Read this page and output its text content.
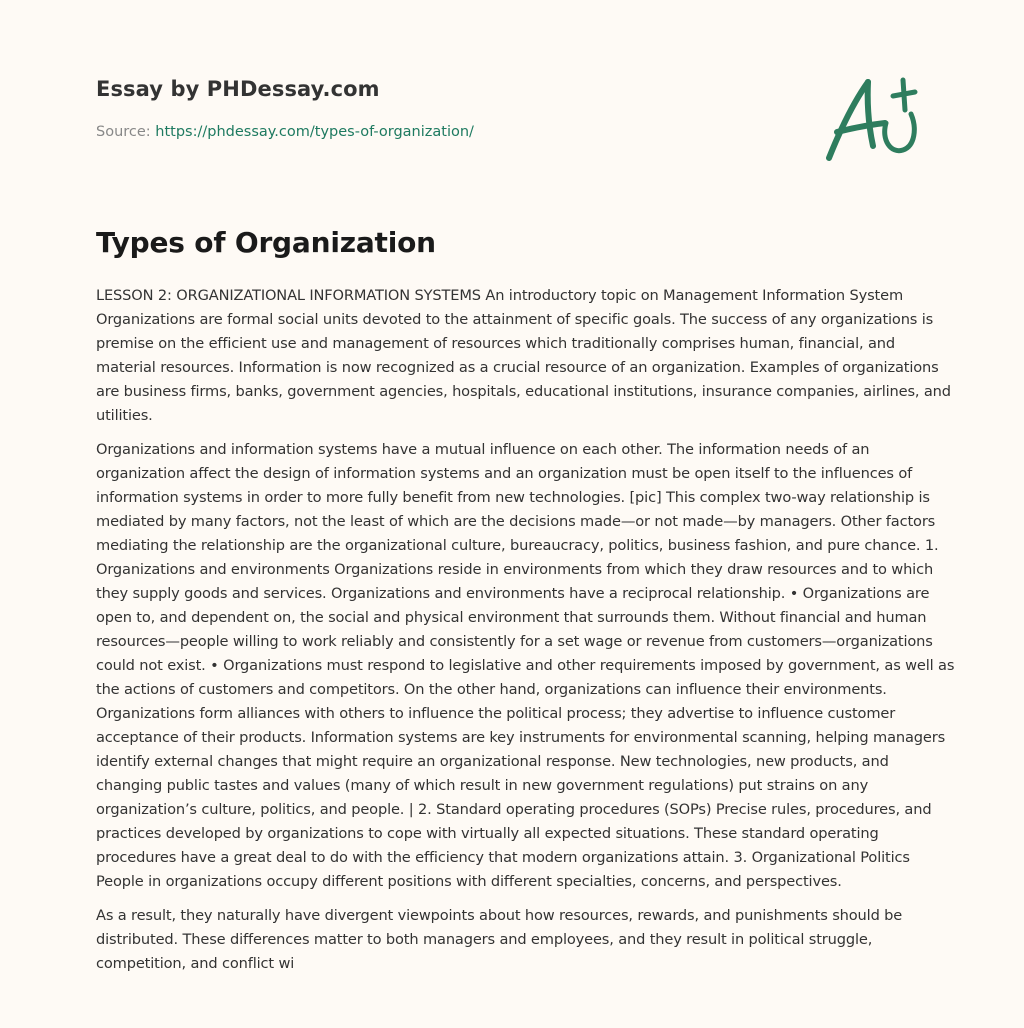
Essay by PHDessay.com
Source: https://phdessay.com/types-of-organization/
Types of Organization

LESSON 2: ORGANIZATIONAL INFORMATION SYSTEMS An introductory topic on Management Information System Organizations are formal social units devoted to the attainment of specific goals. The success of any organizations is premise on the efficient use and management of resources which traditionally comprises human, financial, and material resources. Information is now recognized as a crucial resource of an organization. Examples of organizations are business firms, banks, government agencies, hospitals, educational institutions, insurance companies, airlines, and utilities.

Organizations and information systems have a mutual influence on each other. The information needs of an organization affect the design of information systems and an organization must be open itself to the influences of information systems in order to more fully benefit from new technologies. [pic] This complex two-way relationship is mediated by many factors, not the least of which are the decisions made—or not made—by managers. Other factors mediating the relationship are the organizational culture, bureaucracy, politics, business fashion, and pure chance. 1. Organizations and environments Organizations reside in environments from which they draw resources and to which they supply goods and services. Organizations and environments have a reciprocal relationship. • Organizations are open to, and dependent on, the social and physical environment that surrounds them. Without financial and human resources—people willing to work reliably and consistently for a set wage or revenue from customers—organizations could not exist. • Organizations must respond to legislative and other requirements imposed by government, as well as the actions of customers and competitors. On the other hand, organizations can influence their environments. Organizations form alliances with others to influence the political process; they advertise to influence customer acceptance of their products. Information systems are key instruments for environmental scanning, helping managers identify external changes that might require an organizational response. New technologies, new products, and changing public tastes and values (many of which result in new government regulations) put strains on any organization’s culture, politics, and people. | 2. Standard operating procedures (SOPs) Precise rules, procedures, and practices developed by organizations to cope with virtually all expected situations. These standard operating procedures have a great deal to do with the efficiency that modern organizations attain. 3. Organizational Politics People in organizations occupy different positions with different specialties, concerns, and perspectives.

As a result, they naturally have divergent viewpoints about how resources, rewards, and punishments should be distributed. These differences matter to both managers and employees, and they result in political struggle, competition, and conflict wi
